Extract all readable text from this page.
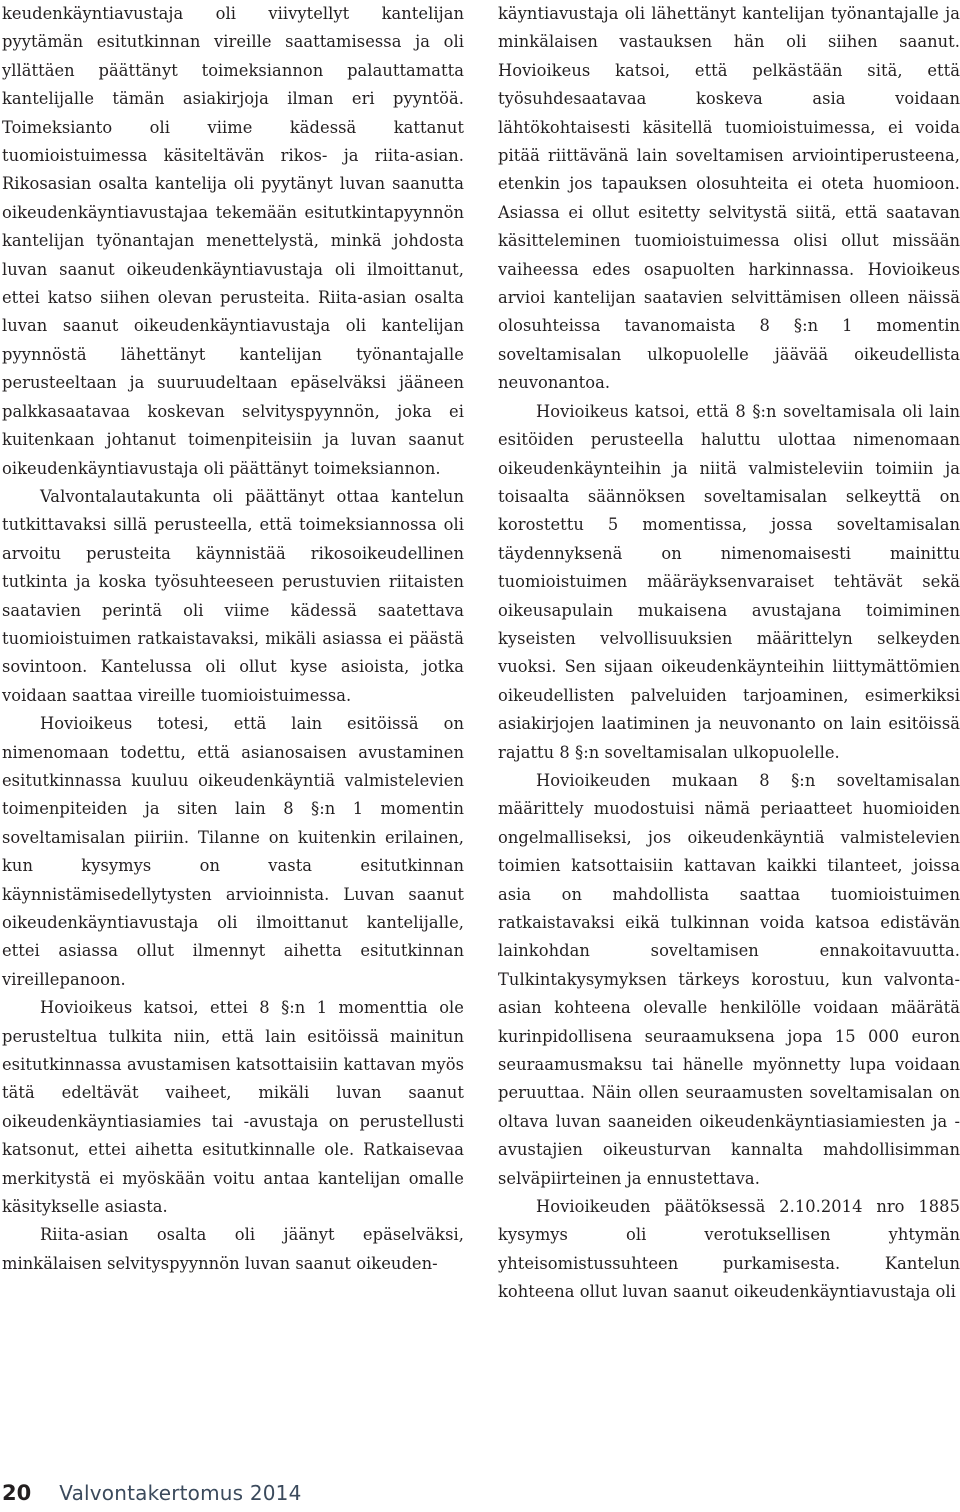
keudenkäyntiavustaja oli viivytellyt kantelijan pyytämän esitutkinnan vireille saattamisessa ja oli yllättäen päättänyt toimeksiannon palauttamatta kantelijalle tämän asiakirjoja ilman eri pyyntöä. Toimeksianto oli viime kädessä kattanut tuomioistuimessa käsiteltävän rikos- ja riita-asian. Rikosasian osalta kantelija oli pyytänyt luvan saanutta oikeudenkäyntiavustajaa tekemään esitutkintapyynnön kantelijan työnantajan menettelystä, minkä johdosta luvan saanut oikeudenkäyntiavustaja oli ilmoittanut, ettei katso siihen olevan perusteita. Riita-asian osalta luvan saanut oikeudenkäyntiavustaja oli kantelijan pyynnöstä lähettänyt kantelijan työnantajalle perusteeltaan ja suuruudeltaan epäselväksi jääneen palkkasaatavaa koskevan selvityspyynnön, joka ei kuitenkaan johtanut toimenpiteisiin ja luvan saanut oikeudenkäyntiavustaja oli päättänyt toimeksiannon.

Valvontalautakunta oli päättänyt ottaa kantelun tutkittavaksi sillä perusteella, että toimeksiannossa oli arvoitu perusteita käynnistää rikosoikeudellinen tutkinta ja koska työsuhteeseen perustuvien riitaisten saatavien perintä oli viime kädessä saatettava tuomioistuimen ratkaistavaksi, mikäli asiassa ei päästä sovintoon. Kantelussa oli ollut kyse asioista, jotka voidaan saattaa vireille tuomioistuimessa.

Hovioikeus totesi, että lain esitöissä on nimenomaan todettu, että asianosaisen avustaminen esitutkinnassa kuuluu oikeudenkäyntiä valmistelevien toimenpiteiden ja siten lain 8 §:n 1 momentin soveltamisalan piiriin. Tilanne on kuitenkin erilainen, kun kysymys on vasta esitutkinnan käynnistämisedellytysten arvioinnista. Luvan saanut oikeudenkäyntiavustaja oli ilmoittanut kantelijalle, ettei asiassa ollut ilmennyt aihetta esitutkinnan vireillepanoon.

Hovioikeus katsoi, ettei 8 §:n 1 momenttia ole perusteltua tulkita niin, että lain esitöissä mainitun esitutkinnassa avustamisen katsottaisiin kattavan myös tätä edeltävät vaiheet, mikäli luvan saanut oikeudenkäyntiasiamies tai -avustaja on perustellusti katsonut, ettei aihetta esitutkinnalle ole. Ratkaisevaa merkitystä ei myöskään voitu antaa kantelijan omalle käsitykselle asiasta.

Riita-asian osalta oli jäänyt epäselväksi, minkälaisen selvityspyynnön luvan saanut oikeuden-

käyntiavustaja oli lähettänyt kantelijan työnantajalle ja minkälaisen vastauksen hän oli siihen saanut. Hovioikeus katsoi, että pelkästään sitä, että työsuhdesaatavaa koskeva asia voidaan lähtökohtaisesti käsitellä tuomioistuimessa, ei voida pitää riittävänä lain soveltamisen arviointiperusteena, etenkin jos tapauksen olosuhteita ei oteta huomioon. Asiassa ei ollut esitetty selvitystä siitä, että saatavan käsitteleminen tuomioistuimessa olisi ollut missään vaiheessa edes osapuolten harkinnassa. Hovioikeus arvioi kantelijan saatavien selvittämisen olleen näissä olosuhteissa tavanomaista 8 §:n 1 momentin soveltamisalan ulkopuolelle jäävää oikeudellista neuvonantoa.

Hovioikeus katsoi, että 8 §:n soveltamisala oli lain esitöiden perusteella haluttu ulottaa nimenomaan oikeudenkäynteihin ja niitä valmisteleviin toimiin ja toisaalta säännöksen soveltamisalan selkeyttä on korostettu 5 momentissa, jossa soveltamisalan täydennyksenä on nimenomaisesti mainittu tuomioistuimen määräyksenvaraiset tehtävät sekä oikeusapulain mukaisena avustajana toimiminen kyseisten velvollisuuksien määrittelyn selkeyden vuoksi. Sen sijaan oikeudenkäynteihin liittymättömien oikeudellisten palveluiden tarjoaminen, esimerkiksi asiakirjojen laatiminen ja neuvonanto on lain esitöissä rajattu 8 §:n soveltamisalan ulkopuolelle.

Hovioikeuden mukaan 8 §:n soveltamisalan määrittely muodostuisi nämä periaatteet huomioiden ongelmalliseksi, jos oikeudenkäyntiä valmistelevien toimien katsottaisiin kattavan kaikki tilanteet, joissa asia on mahdollista saattaa tuomioistuimen ratkaistavaksi eikä tulkinnan voida katsoa edistävän lainkohdan soveltamisen ennakoitavuutta. Tulkintakysymyksen tärkeys korostuu, kun valvonta-asian kohteena olevalle henkilölle voidaan määrätä kurinpidollisena seuraamuksena jopa 15 000 euron seuraamusmaksu tai hänelle myönnetty lupa voidaan peruuttaa. Näin ollen seuraamusten soveltamisalan on oltava luvan saaneiden oikeudenkäyntiasiamiesten ja -avustajien oikeusturvan kannalta mahdollisimman selväpiirteinen ja ennustettava.

Hovioikeuden päätöksessä 2.10.2014 nro 1885 kysymys oli verotuksellisen yhtymän yhteisomistussuhteen purkamisesta. Kantelun kohteena ollut luvan saanut oikeudenkäyntiavustaja oli

20 Valvontakertomus 2014
